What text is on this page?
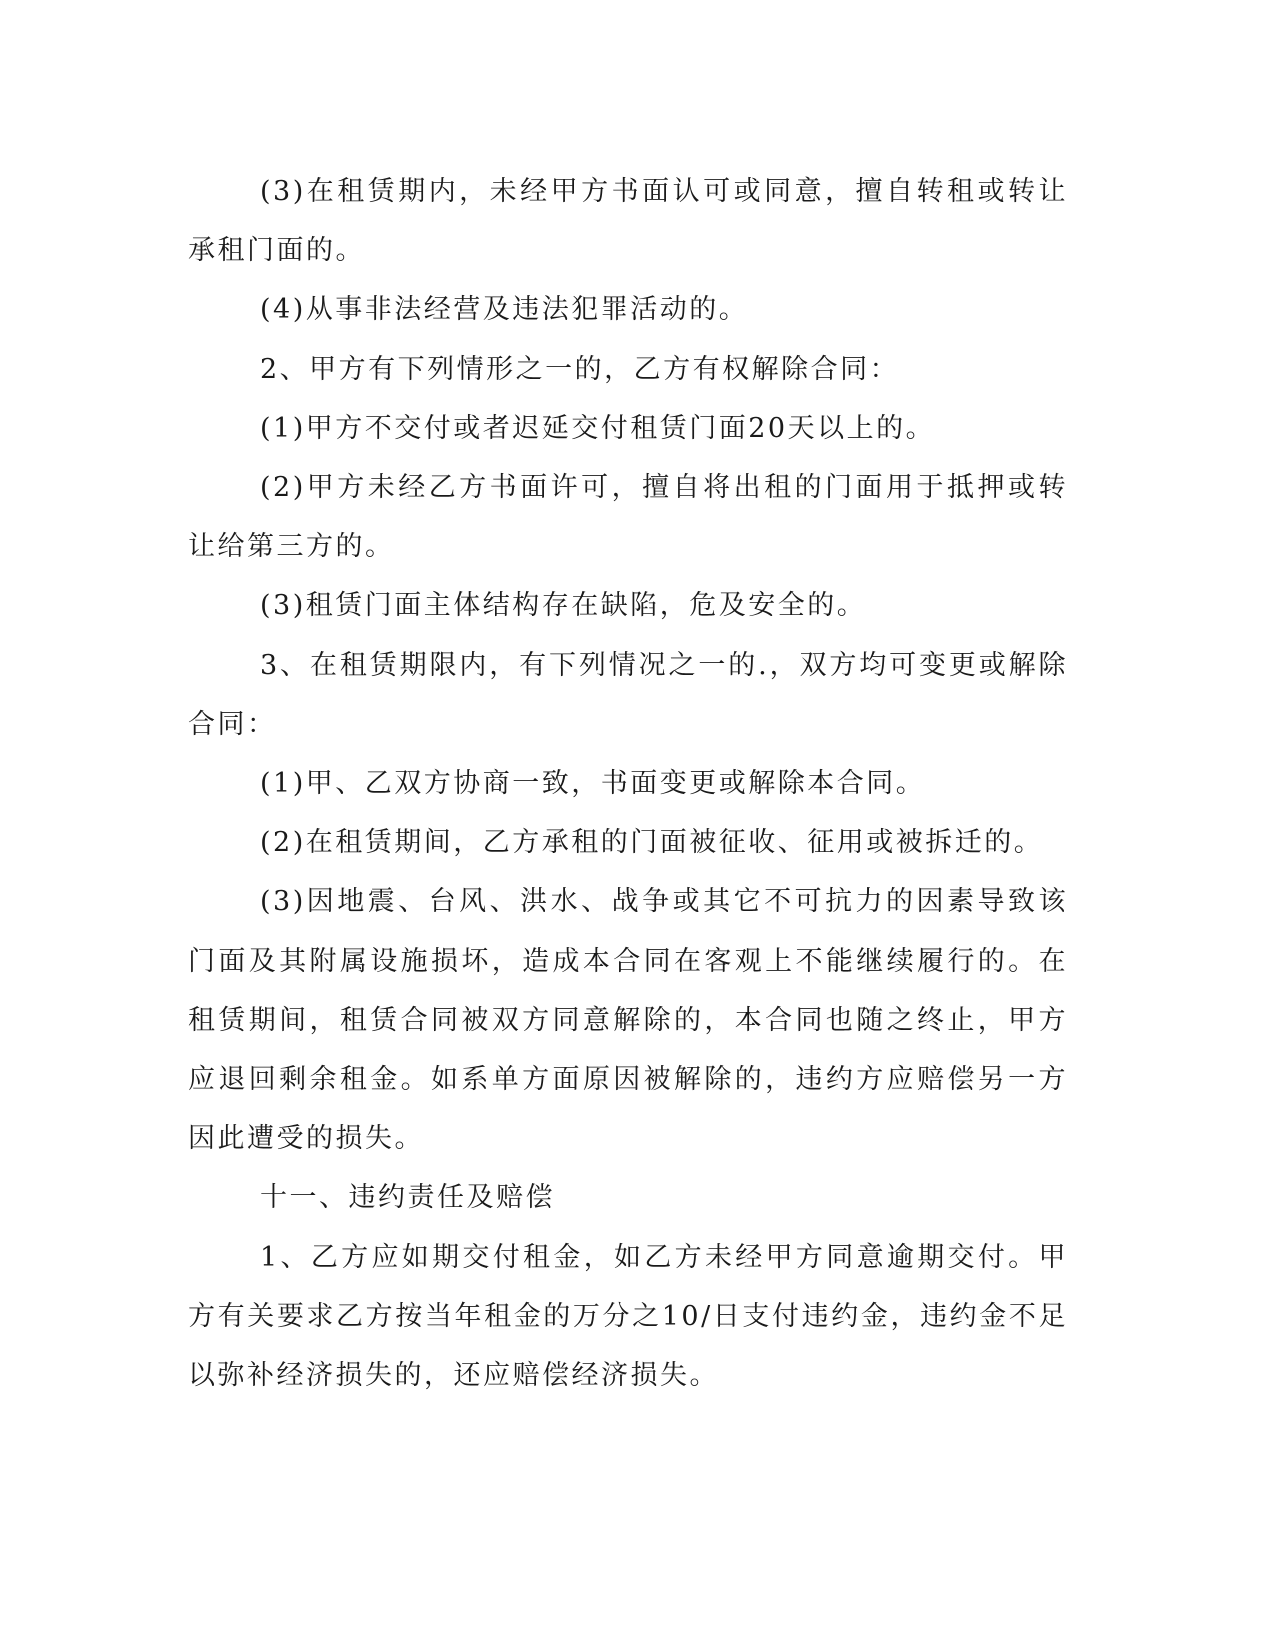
(3)在租赁期内，未经甲方书面认可或同意，擅自转租或转让承租门面的。

(4)从事非法经营及违法犯罪活动的。

2、甲方有下列情形之一的，乙方有权解除合同：

(1)甲方不交付或者迟延交付租赁门面20天以上的。

(2)甲方未经乙方书面许可，擅自将出租的门面用于抵押或转让给第三方的。

(3)租赁门面主体结构存在缺陷，危及安全的。

3、在租赁期限内，有下列情况之一的.，双方均可变更或解除合同：

(1)甲、乙双方协商一致，书面变更或解除本合同。

(2)在租赁期间，乙方承租的门面被征收、征用或被拆迁的。

(3)因地震、台风、洪水、战争或其它不可抗力的因素导致该门面及其附属设施损坏，造成本合同在客观上不能继续履行的。在租赁期间，租赁合同被双方同意解除的，本合同也随之终止，甲方应退回剩余租金。如系单方面原因被解除的，违约方应赔偿另一方因此遭受的损失。

十一、违约责任及赔偿

1、乙方应如期交付租金，如乙方未经甲方同意逾期交付。甲方有关要求乙方按当年租金的万分之10/日支付违约金，违约金不足以弥补经济损失的，还应赔偿经济损失。
